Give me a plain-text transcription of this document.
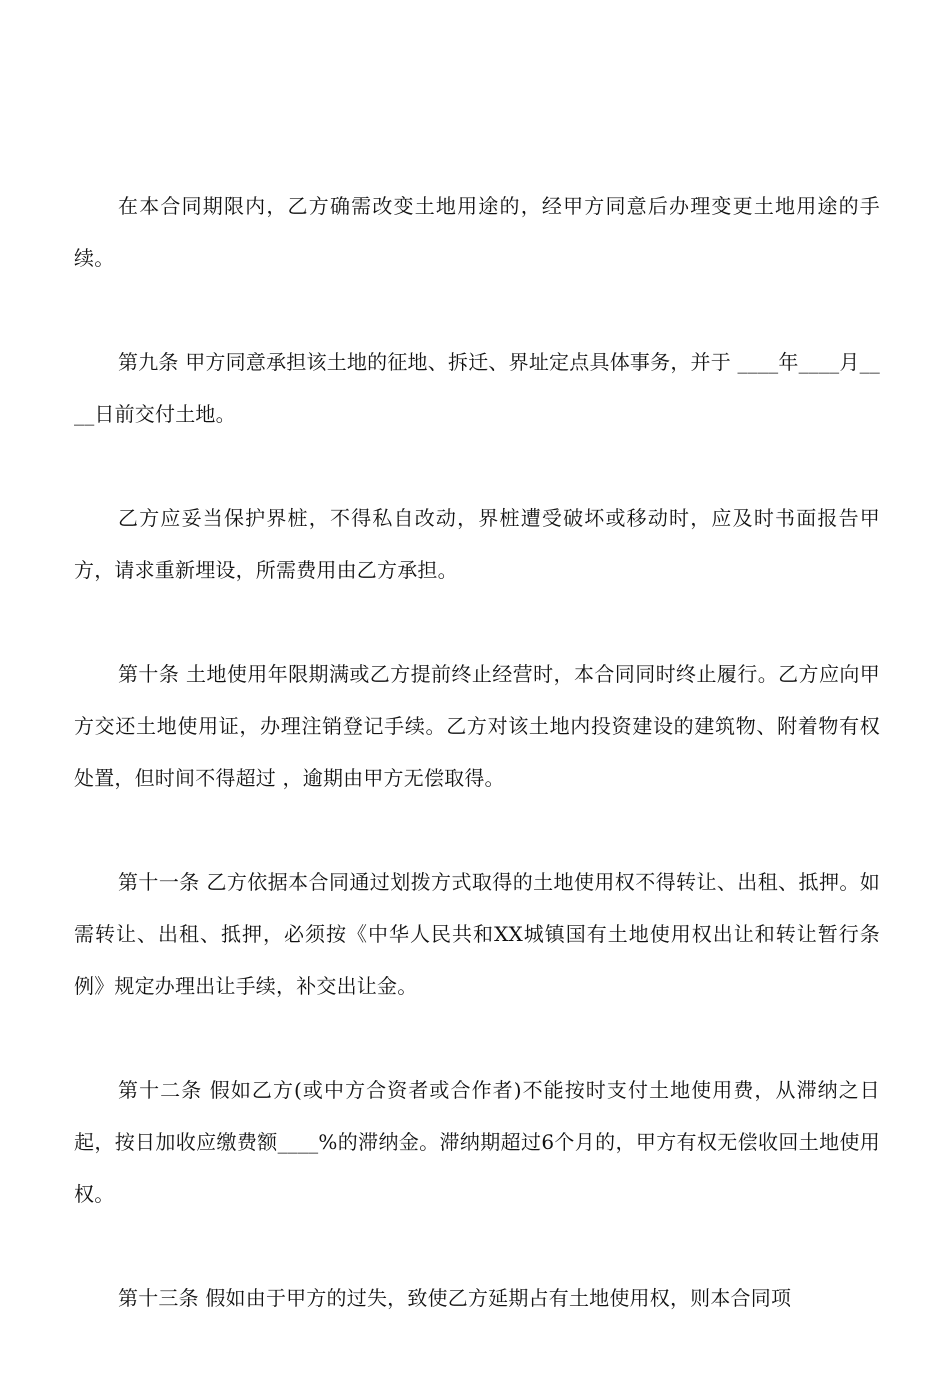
在本合同期限内，乙方确需改变土地用途的，经甲方同意后办理变更土地用途的手续。

第九条 甲方同意承担该土地的征地、拆迁、界址定点具体事务，并于 ____年____月____日前交付土地。

乙方应妥当保护界桩，不得私自改动，界桩遭受破坏或移动时，应及时书面报告甲方，请求重新埋设，所需费用由乙方承担。

第十条 土地使用年限期满或乙方提前终止经营时，本合同同时终止履行。乙方应向甲方交还土地使用证，办理注销登记手续。乙方对该土地内投资建设的建筑物、附着物有权处置，但时间不得超过 ，逾期由甲方无偿取得。

第十一条 乙方依据本合同通过划拨方式取得的土地使用权不得转让、出租、抵押。如需转让、出租、抵押，必须按《中华人民共和XX城镇国有土地使用权出让和转让暂行条例》规定办理出让手续，补交出让金。

第十二条 假如乙方(或中方合资者或合作者)不能按时支付土地使用费，从滞纳之日起，按日加收应缴费额____%的滞纳金。滞纳期超过6个月的，甲方有权无偿收回土地使用权。

第十三条 假如由于甲方的过失，致使乙方延期占有土地使用权，则本合同项
